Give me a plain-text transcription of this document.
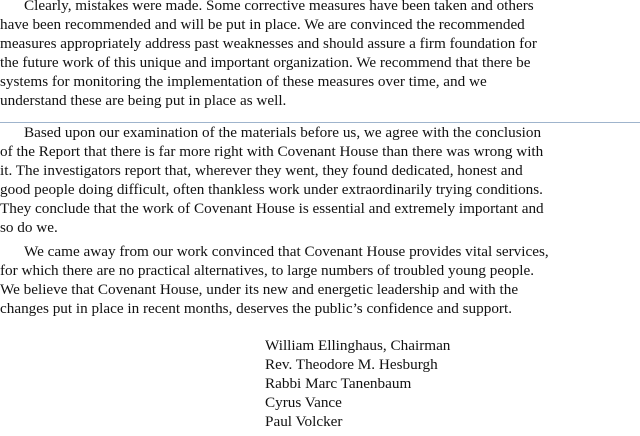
Clearly, mistakes were made. Some corrective measures have been taken and others
have been recommended and will be put in place. We are convinced the recommended
measures appropriately address past weaknesses and should assure a firm foundation for
the future work of this unique and important organization. We recommend that there be
systems for monitoring the implementation of these measures over time, and we
understand these are being put in place as well.

Based upon our examination of the materials before us, we agree with the conclusion
of the Report that there is far more right with Covenant House than there was wrong with
it. The investigators report that, wherever they went, they found dedicated, honest and
good people doing difficult, often thankless work under extraordinarily trying conditions.
They conclude that the work of Covenant House is essential and extremely important and
so do we.

We came away from our work convinced that Covenant House provides vital services,
for which there are no practical alternatives, to large numbers of troubled young people.
We believe that Covenant House, under its new and energetic leadership and with the
changes put in place in recent months, deserves the public’s confidence and support.

William Ellinghaus, Chairman
Rev. Theodore M. Hesburgh
Rabbi Marc Tanenbaum
Cyrus Vance
Paul Volcker
